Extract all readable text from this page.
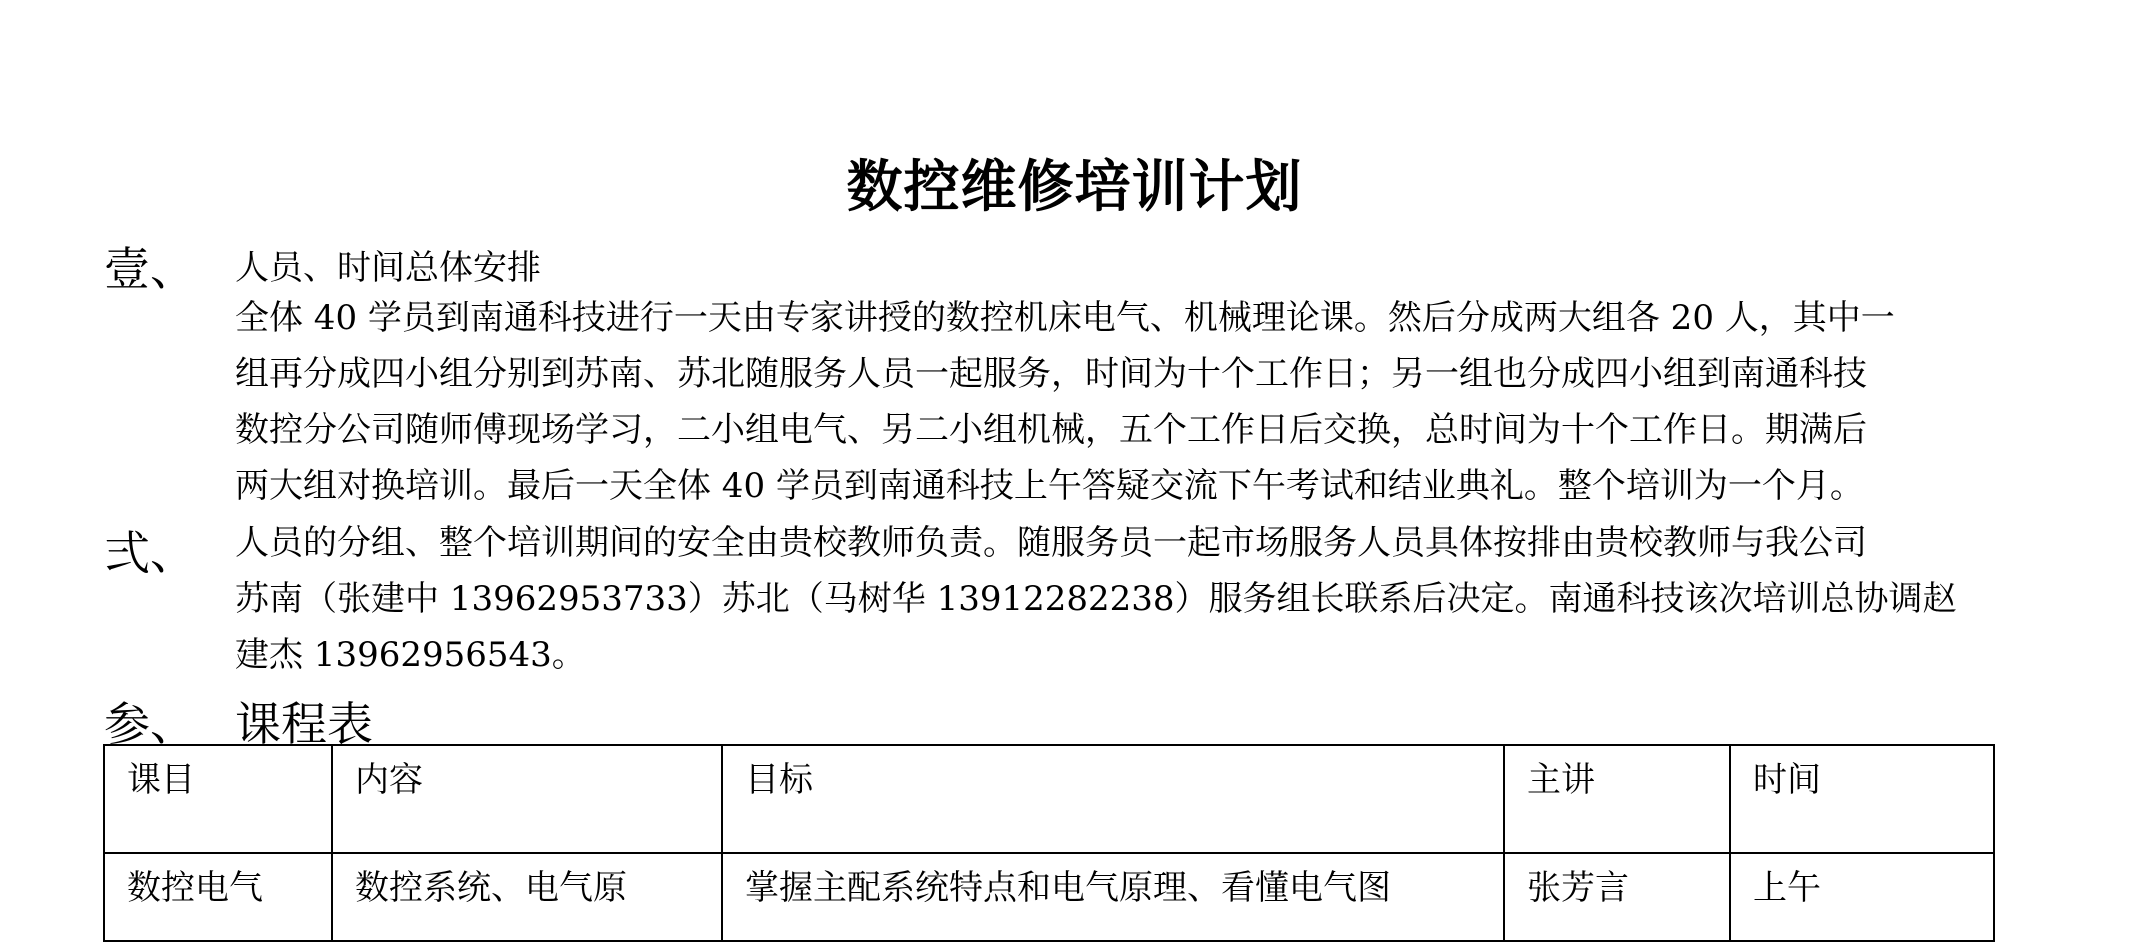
数控维修培训计划
壹、 人员、时间总体安排
全体 40 学员到南通科技进行一天由专家讲授的数控机床电气、机械理论课。然后分成两大组各 20 人，其中一
组再分成四小组分别到苏南、苏北随服务人员一起服务，时间为十个工作日；另一组也分成四小组到南通科技
数控分公司随师傅现场学习，二小组电气、另二小组机械，五个工作日后交换，总时间为十个工作日。期满后
两大组对换培训。最后一天全体 40 学员到南通科技上午答疑交流下午考试和结业典礼。整个培训为一个月。
弍、 人员的分组、整个培训期间的安全由贵校教师负责。随服务员一起市场服务人员具体按排由贵校教师与我公司
苏南（张建中 13962953733）苏北（马树华 13912282238）服务组长联系后决定。南通科技该次培训总协调赵
建杰 13962956543。
参、 课程表
课目	内容	目标	主讲	时间
数控电气	数控系统、电气原	掌握主配系统特点和电气原理、看懂电气图	张芳言	上午
